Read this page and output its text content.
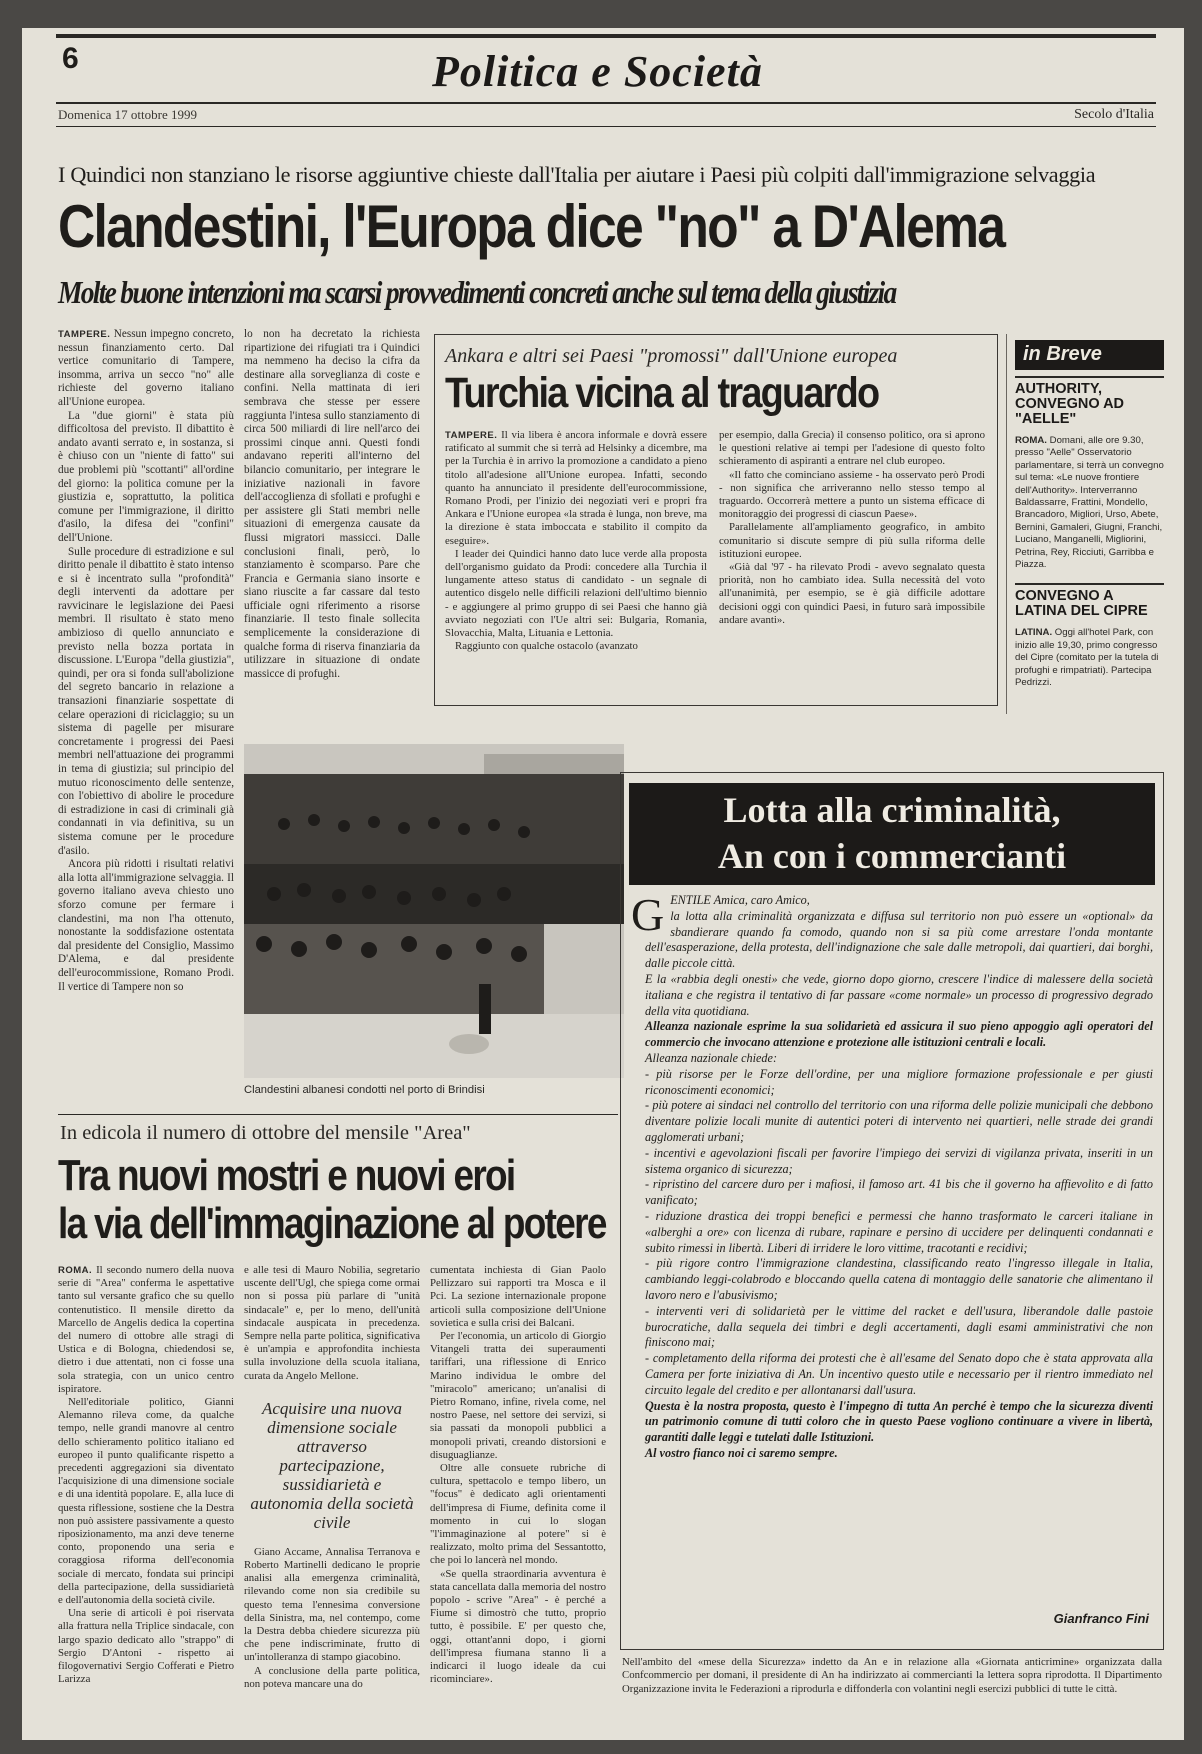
6	Politica e Società
Domenica 17 ottobre 1999	Secolo d'Italia
I Quindici non stanziano le risorse aggiuntive chieste dall'Italia per aiutare i Paesi più colpiti dall'immigrazione selvaggia
Clandestini, l'Europa dice "no" a D'Alema
Molte buone intenzioni ma scarsi provvedimenti concreti anche sul tema della giustizia

TAMPERE. Nessun impegno concreto, nessun finanziamento certo. Dal vertice comunitario di Tampere, insomma, arriva un secco "no" alle richieste del governo italiano all'Unione europea.

La "due giorni" è stata più difficoltosa del previsto. Il dibattito è andato avanti serrato e, in sostanza, si è chiuso con un "niente di fatto" sui due problemi più "scottanti" all'ordine del giorno: la politica comune per la giustizia e, soprattutto, la politica comune per l'immigrazione, il diritto d'asilo, la difesa dei "confini" dell'Unione.

Sulle procedure di estradizione e sul diritto penale il dibattito è stato intenso e si è incentrato sulla "profondità" degli interventi da adottare per ravvicinare le legislazione dei Paesi membri. Il risultato è stato meno ambizioso di quello annunciato e previsto nella bozza portata in discussione. L'Europa "della giustizia", quindi, per ora si fonda sull'abolizione del segreto bancario in relazione a transazioni finanziarie sospettate di celare operazioni di riciclaggio; su un sistema di pagelle per misurare concretamente i progressi dei Paesi membri nell'attuazione dei programmi in tema di giustizia; sul principio del mutuo riconoscimento delle sentenze, con l'obiettivo di abolire le procedure di estradizione in casi di criminali già condannati in via definitiva, su un sistema comune per le procedure d'asilo.

Ancora più ridotti i risultati relativi alla lotta all'immigrazione selvaggia. Il governo italiano aveva chiesto uno sforzo comune per fermare i clandestini, ma non l'ha ottenuto, nonostante la soddisfazione ostentata dal presidente del Consiglio, Massimo D'Alema, e dal presidente dell'eurocommissione, Romano Prodi. Il vertice di Tampere non so

lo non ha decretato la richiesta ripartizione dei rifugiati tra i Quindici ma nemmeno ha deciso la cifra da destinare alla sorveglianza di coste e confini. Nella mattinata di ieri sembrava che stesse per essere raggiunta l'intesa sullo stanziamento di circa 500 miliardi di lire nell'arco dei prossimi cinque anni. Questi fondi andavano reperiti all'interno del bilancio comunitario, per integrare le iniziative nazionali in favore dell'accoglienza di sfollati e profughi e per assistere gli Stati membri nelle situazioni di emergenza causate da flussi migratori massicci. Dalle conclusioni finali, però, lo stanziamento è scomparso. Pare che Francia e Germania siano insorte e siano riuscite a far cassare dal testo ufficiale ogni riferimento a risorse finanziarie. Il testo finale sollecita semplicemente la considerazione di qualche forma di riserva finanziaria da utilizzare in situazione di ondate massicce di profughi.

Ankara e altri sei Paesi "promossi" dall'Unione europea
Turchia vicina al traguardo

TAMPERE. Il via libera è ancora informale e dovrà essere ratificato al summit che si terrà ad Helsinky a dicembre, ma per la Turchia è in arrivo la promozione a candidato a pieno titolo all'adesione all'Unione europea. Infatti, secondo quanto ha annunciato il presidente dell'eurocommissione, Romano Prodi, per l'inizio dei negoziati veri e propri fra Ankara e l'Unione europea «la strada è lunga, non breve, ma la direzione è stata imboccata e stabilito il compito da eseguire».

I leader dei Quindici hanno dato luce verde alla proposta dell'organismo guidato da Prodi: concedere alla Turchia il lungamente atteso status di candidato - un segnale di autentico disgelo nelle difficili relazioni dell'ultimo biennio - e aggiungere al primo gruppo di sei Paesi che hanno già avviato negoziati con l'Ue altri sei: Bulgaria, Romania, Slovacchia, Malta, Lituania e Lettonia.

Raggiunto con qualche ostacolo (avanzato

per esempio, dalla Grecia) il consenso politico, ora si aprono le questioni relative ai tempi per l'adesione di questo folto schieramento di aspiranti a entrare nel club europeo.

«Il fatto che cominciano assieme - ha osservato però Prodi - non significa che arriveranno nello stesso tempo al traguardo. Occorrerà mettere a punto un sistema efficace di monitoraggio dei progressi di ciascun Paese».

Parallelamente all'ampliamento geografico, in ambito comunitario si discute sempre di più sulla riforma delle istituzioni europee.

«Già dal '97 - ha rilevato Prodi - avevo segnalato questa priorità, non ho cambiato idea. Sulla necessità del voto all'unanimità, per esempio, se è già difficile adottare decisioni oggi con quindici Paesi, in futuro sarà impossibile andare avanti».

in Breve
AUTHORITY, CONVEGNO AD "AELLE"
ROMA. Domani, alle ore 9.30, presso "Aelle" Osservatorio parlamentare, si terrà un convegno sul tema: «Le nuove frontiere dell'Authority». Interverranno Baldassarre, Frattini, Mondello, Brancadoro, Migliori, Urso, Abete, Bernini, Gamaleri, Giugni, Franchi, Luciano, Manganelli, Migliorini, Petrina, Rey, Ricciuti, Garribba e Piazza.
CONVEGNO A LATINA DEL CIPRE
LATINA. Oggi all'hotel Park, con inizio alle 19,30, primo congresso del Cipre (comitato per la tutela di profughi e rimpatriati). Partecipa Pedrizzi.
Clandestini albanesi condotti nel porto di Brindisi
Lotta alla criminalità,
An con i commercianti

GENTILE Amica, caro Amico,

la lotta alla criminalità organizzata e diffusa sul territorio non può essere un «optional» da sbandierare quando fa comodo, quando non si sa più come arrestare l'onda montante dell'esasperazione, della protesta, dell'indignazione che sale dalle metropoli, dai quartieri, dai borghi, dalle piccole città.

E la «rabbia degli onesti» che vede, giorno dopo giorno, crescere l'indice di malessere della società italiana e che registra il tentativo di far passare «come normale» un processo di progressivo degrado della vita quotidiana.

Alleanza nazionale esprime la sua solidarietà ed assicura il suo pieno appoggio agli operatori del commercio che invocano attenzione e protezione alle istituzioni centrali e locali.

Alleanza nazionale chiede:

- più risorse per le Forze dell'ordine, per una migliore formazione professionale e per giusti riconoscimenti economici;

- più potere ai sindaci nel controllo del territorio con una riforma delle polizie municipali che debbono diventare polizie locali munite di autentici poteri di intervento nei quartieri, nelle strade dei grandi agglomerati urbani;

- incentivi e agevolazioni fiscali per favorire l'impiego dei servizi di vigilanza privata, inseriti in un sistema organico di sicurezza;

- ripristino del carcere duro per i mafiosi, il famoso art. 41 bis che il governo ha affievolito e di fatto vanificato;

- riduzione drastica dei troppi benefici e permessi che hanno trasformato le carceri italiane in «alberghi a ore» con licenza di rubare, rapinare e persino di uccidere per delinquenti condannati e subito rimessi in libertà. Liberi di irridere le loro vittime, tracotanti e recidivi;

- più rigore contro l'immigrazione clandestina, classificando reato l'ingresso illegale in Italia, cambiando leggi-colabrodo e bloccando quella catena di montaggio delle sanatorie che alimentano il lavoro nero e l'abusivismo;

- interventi veri di solidarietà per le vittime del racket e dell'usura, liberandole dalle pastoie burocratiche, dalla sequela dei timbri e degli accertamenti, dagli esami amministrativi che non finiscono mai;

- completamento della riforma dei protesti che è all'esame del Senato dopo che è stata approvata alla Camera per forte iniziativa di An. Un incentivo questo utile e necessario per il rientro immediato nel circuito legale del credito e per allontanarsi dall'usura.

Questa è la nostra proposta, questo è l'impegno di tutta An perché è tempo che la sicurezza diventi un patrimonio comune di tutti coloro che in questo Paese vogliono continuare a vivere in libertà, garantiti dalle leggi e tutelati dalle Istituzioni.

Al vostro fianco noi ci saremo sempre.

Gianfranco Fini
Nell'ambito del «mese della Sicurezza» indetto da An e in relazione alla «Giornata anticrimine» organizzata dalla Confcommercio per domani, il presidente di An ha indirizzato ai commercianti la lettera sopra riprodotta. Il Dipartimento Organizzazione invita le Federazioni a riprodurla e diffonderla con volantini negli esercizi pubblici di tutte le città.
In edicola il numero di ottobre del mensile "Area"
Tra nuovi mostri e nuovi eroi
la via dell'immaginazione al potere

ROMA. Il secondo numero della nuova serie di "Area" conferma le aspettative tanto sul versante grafico che su quello contenutistico. Il mensile diretto da Marcello de Angelis dedica la copertina del numero di ottobre alle stragi di Ustica e di Bologna, chiedendosi se, dietro i due attentati, non ci fosse una sola strategia, con un unico centro ispiratore.

Nell'editoriale politico, Gianni Alemanno rileva come, da qualche tempo, nelle grandi manovre al centro dello schieramento politico italiano ed europeo il punto qualificante rispetto a precedenti aggregazioni sia diventato l'acquisizione di una dimensione sociale e di una identità popolare. E, alla luce di questa riflessione, sostiene che la Destra non può assistere passivamente a questo riposizionamento, ma anzi deve tenerne conto, proponendo una seria e coraggiosa riforma dell'economia sociale di mercato, fondata sui principi della partecipazione, della sussidiarietà e dell'autonomia della società civile.

Una serie di articoli è poi riservata alla frattura nella Triplice sindacale, con largo spazio dedicato allo "strappo" di Sergio D'Antoni - rispetto ai filogovernativi Sergio Cofferati e Pietro Larizza

e alle tesi di Mauro Nobilia, segretario uscente dell'Ugl, che spiega come ormai non si possa più parlare di "unità sindacale" e, per lo meno, dell'unità sindacale auspicata in precedenza. Sempre nella parte politica, significativa è un'ampia e approfondita inchiesta sulla involuzione della scuola italiana, curata da Angelo Mellone.

Acquisire una nuova dimensione sociale attraverso partecipazione, sussidiarietà e autonomia della società civile

Giano Accame, Annalisa Terranova e Roberto Martinelli dedicano le proprie analisi alla emergenza criminalità, rilevando come non sia credibile su questo tema l'ennesima conversione della Sinistra, ma, nel contempo, come la Destra debba chiedere sicurezza più che pene indiscriminate, frutto di un'intolleranza di stampo giacobino.

A conclusione della parte politica, non poteva mancare una do

cumentata inchiesta di Gian Paolo Pellizzaro sui rapporti tra Mosca e il Pci. La sezione internazionale propone articoli sulla composizione dell'Unione sovietica e sulla crisi dei Balcani.

Per l'economia, un articolo di Giorgio Vitangeli tratta dei superaumenti tariffari, una riflessione di Enrico Marino individua le ombre del "miracolo" americano; un'analisi di Pietro Romano, infine, rivela come, nel nostro Paese, nel settore dei servizi, si sia passati da monopoli pubblici a monopoli privati, creando distorsioni e disuguaglianze.

Oltre alle consuete rubriche di cultura, spettacolo e tempo libero, un "focus" è dedicato agli orientamenti dell'impresa di Fiume, definita come il momento in cui lo slogan "l'immaginazione al potere" si è realizzato, molto prima del Sessantotto, che poi lo lancerà nel mondo.

«Se quella straordinaria avventura è stata cancellata dalla memoria del nostro popolo - scrive "Area" - è perché a Fiume si dimostrò che tutto, proprio tutto, è possibile. E' per questo che, oggi, ottant'anni dopo, i giorni dell'impresa fiumana stanno lì a indicarci il luogo ideale da cui ricominciare».
